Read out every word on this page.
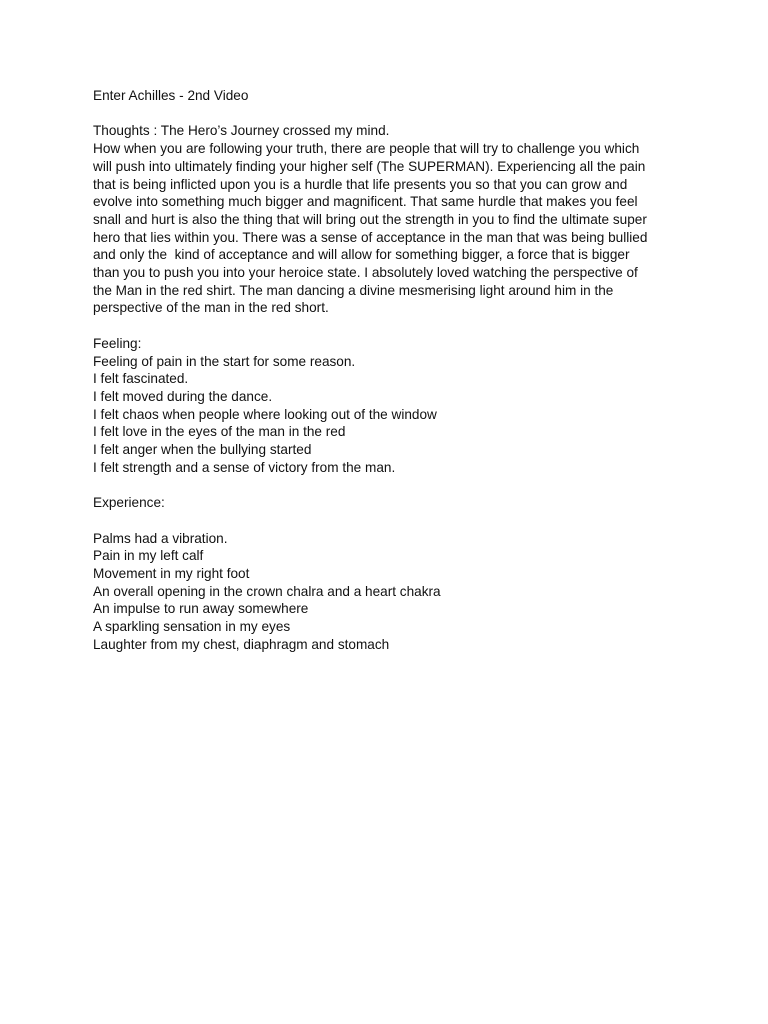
Enter Achilles - 2nd Video
Thoughts : The Hero’s Journey crossed my mind.
How when you are following your truth, there are people that will try to challenge you which
will push into ultimately finding your higher self (The SUPERMAN). Experiencing all the pain
that is being inflicted upon you is a hurdle that life presents you so that you can grow and
evolve into something much bigger and magnificent. That same hurdle that makes you feel
snall and hurt is also the thing that will bring out the strength in you to find the ultimate super
hero that lies within you. There was a sense of acceptance in the man that was being bullied
and only the  kind of acceptance and will allow for something bigger, a force that is bigger
than you to push you into your heroice state. I absolutely loved watching the perspective of
the Man in the red shirt. The man dancing a divine mesmerising light around him in the
perspective of the man in the red short.
Feeling:
Feeling of pain in the start for some reason.
I felt fascinated.
I felt moved during the dance.
I felt chaos when people where looking out of the window
I felt love in the eyes of the man in the red
I felt anger when the bullying started
I felt strength and a sense of victory from the man.
Experience:
Palms had a vibration.
Pain in my left calf
Movement in my right foot
An overall opening in the crown chalra and a heart chakra
An impulse to run away somewhere
A sparkling sensation in my eyes
Laughter from my chest, diaphragm and stomach
